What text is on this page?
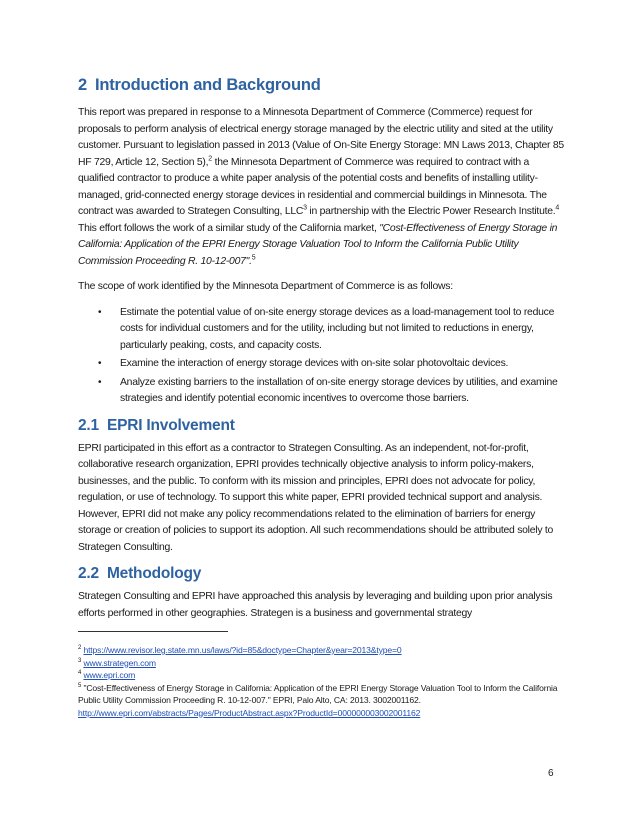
2 Introduction and Background

This report was prepared in response to a Minnesota Department of Commerce (Commerce) request for proposals to perform analysis of electrical energy storage managed by the electric utility and sited at the utility customer. Pursuant to legislation passed in 2013 (Value of On-Site Energy Storage: MN Laws 2013, Chapter 85 HF 729, Article 12, Section 5),$^2$ the Minnesota Department of Commerce was required to contract with a qualified contractor to produce a white paper analysis of the potential costs and benefits of installing utility-managed, grid-connected energy storage devices in residential and commercial buildings in Minnesota. The contract was awarded to Strategen Consulting, LLC$^3$ in partnership with the Electric Power Research Institute.$^4$ This effort follows the work of a similar study of the California market, "Cost-Effectiveness of Energy Storage in California: Application of the EPRI Energy Storage Valuation Tool to Inform the California Public Utility Commission Proceeding R. 10-12-007".$^5$

The scope of work identified by the Minnesota Department of Commerce is as follows:

• Estimate the potential value of on-site energy storage devices as a load-management tool to reduce costs for individual customers and for the utility, including but not limited to reductions in energy, particularly peaking, costs, and capacity costs.
• Examine the interaction of energy storage devices with on-site solar photovoltaic devices.
• Analyze existing barriers to the installation of on-site energy storage devices by utilities, and examine strategies and identify potential economic incentives to overcome those barriers.
2.1 EPRI Involvement

EPRI participated in this effort as a contractor to Strategen Consulting. As an independent, not-for-profit, collaborative research organization, EPRI provides technically objective analysis to inform policy-makers, businesses, and the public. To conform with its mission and principles, EPRI does not advocate for policy, regulation, or use of technology. To support this white paper, EPRI provided technical support and analysis. However, EPRI did not make any policy recommendations related to the elimination of barriers for energy storage or creation of policies to support its adoption. All such recommendations should be attributed solely to Strategen Consulting.

2.2 Methodology

Strategen Consulting and EPRI have approached this analysis by leveraging and building upon prior analysis efforts performed in other geographies. Strategen is a business and governmental strategy

$^2$ https://www.revisor.leg.state.mn.us/laws/?id=85&doctype=Chapter&year=2013&type=0

$^3$ www.strategen.com

$^4$ www.epri.com

$^5$ "Cost-Effectiveness of Energy Storage in California: Application of the EPRI Energy Storage Valuation Tool to Inform the California Public Utility Commission Proceeding R. 10-12-007." EPRI, Palo Alto, CA: 2013. 3002001162.
http://www.epri.com/abstracts/Pages/ProductAbstract.aspx?ProductId=000000003002001162

6
